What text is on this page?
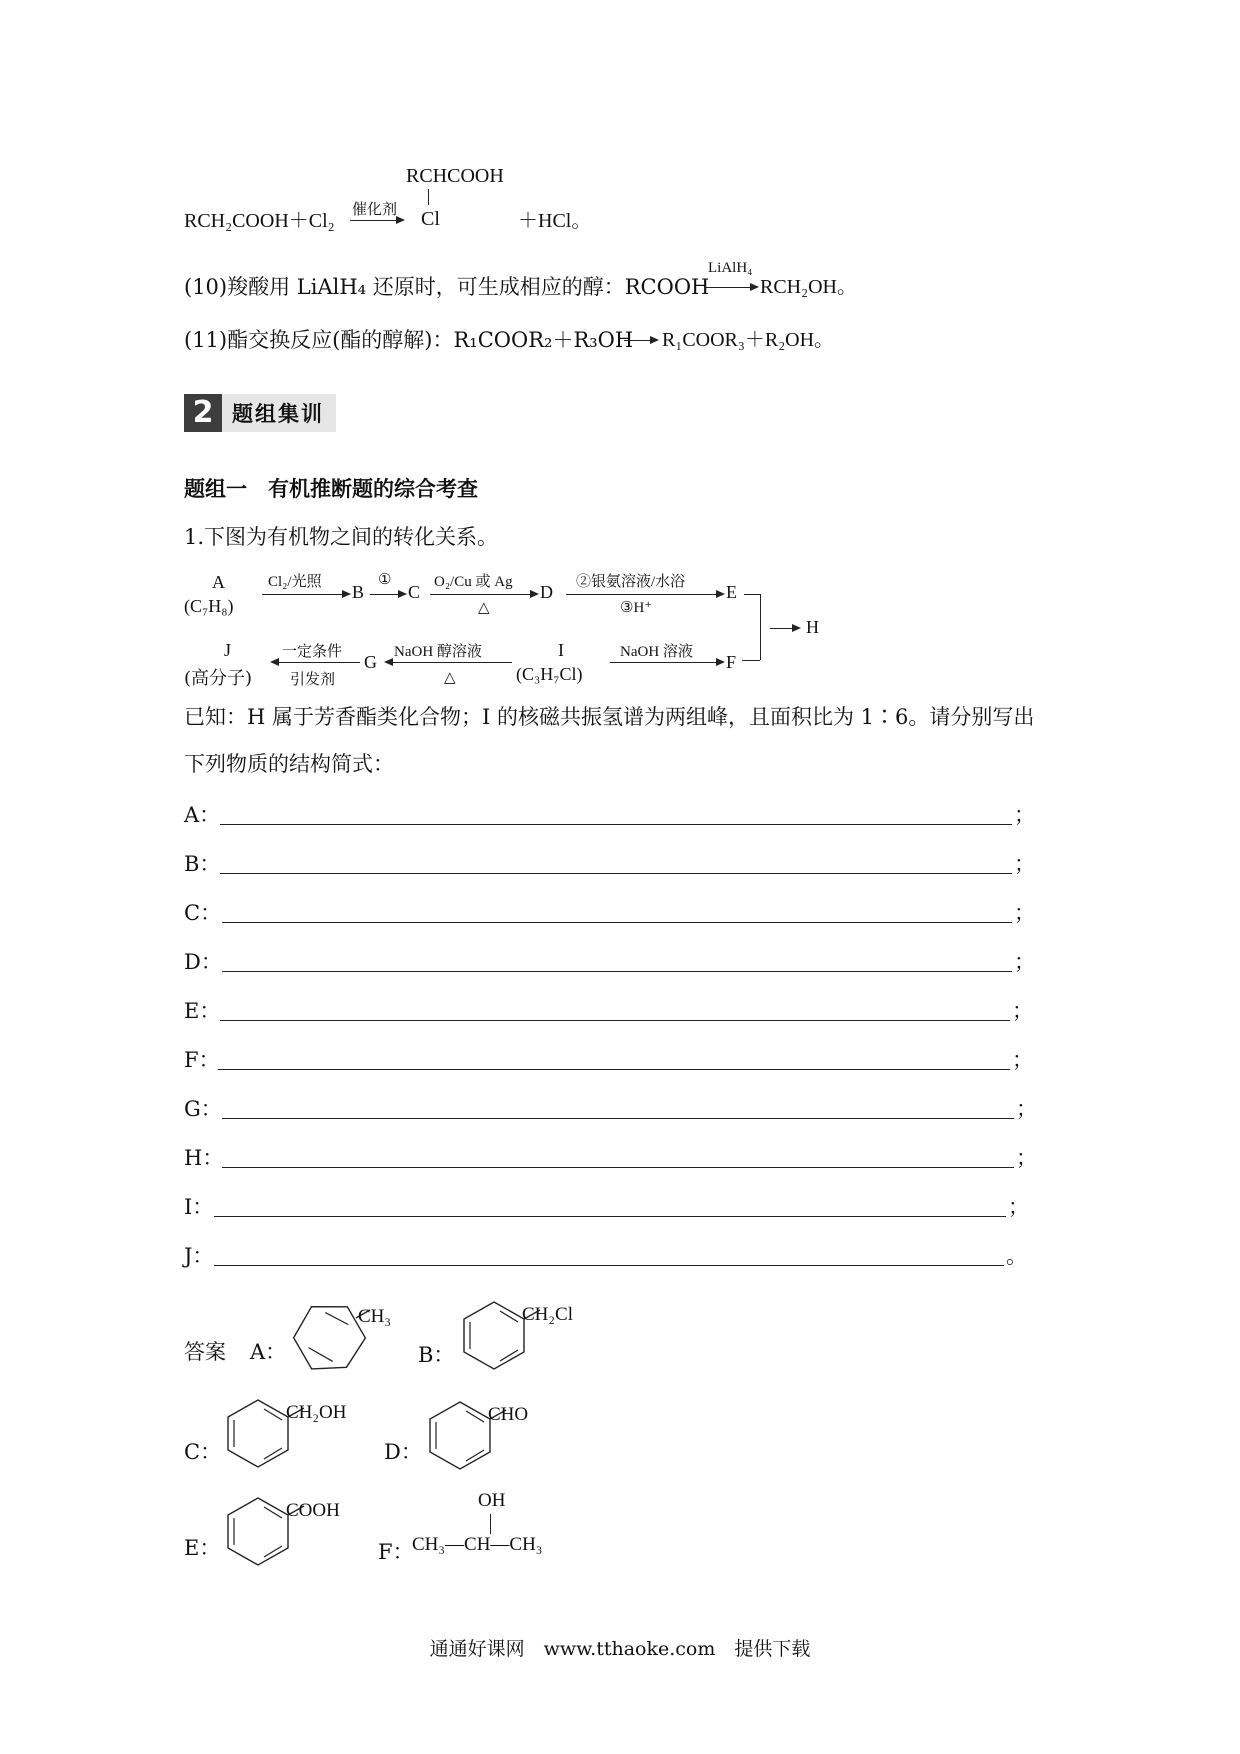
RCH₂COOH＋Cl₂
催化剂
RCHCOOH
Cl	＋HCl。
(10)羧酸用 LiAlH₄ 还原时，可生成相应的醇：RCOOH
LiAlH₄
RCH₂OH。
(11)酯交换反应(酯的醇解)：R₁COOR₂＋R₃OH R₁COOR₃＋R₂OH。
2 题组集训
题组一　有机推断题的综合考查
1.下图为有机物之间的转化关系。
A
(C₇H₈)
Cl₂/光照 B
①
C O₂/Cu 或 Ag
△
D ②银氨溶液/水浴
③H⁺
E
H
J
(高分子)
一定条件
引发剂
G NaOH 醇溶液
△
I
(C₃H₇Cl)
NaOH 溶液 F
已知：H 属于芳香酯类化合物；I 的核磁共振氢谱为两组峰，且面积比为 1∶6。请分别写出
下列物质的结构简式：
A：	；
B：	；
C：	；
D：	；
E：	；
F：	；
G：	；
H：	；
I：	；
J：	。
答案 A：
CH₃
B：
CH₂Cl
C：
CH₂OH
D：
CHO
E：
COOH
F：
OH
CH₃—CH—CH₃
通通好课网　www.tthaoke.com　提供下载
